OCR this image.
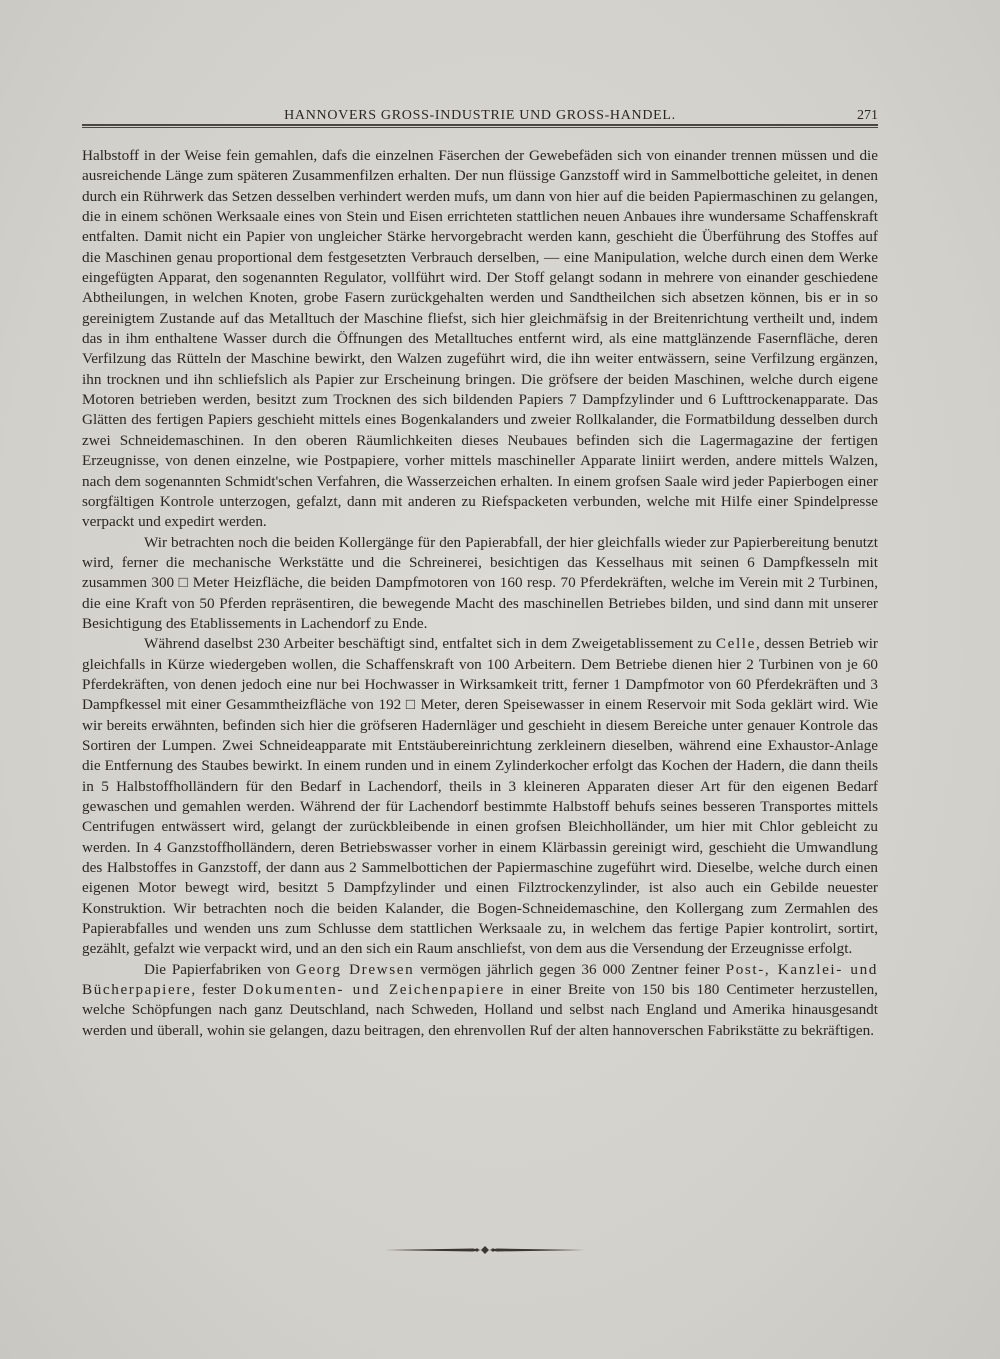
HANNOVERS GROSS-INDUSTRIE UND GROSS-HANDEL.	271

Halbstoff in der Weise fein gemahlen, dafs die einzelnen Fäserchen der Gewebefäden sich von einander trennen müssen und die ausreichende Länge zum späteren Zusammenfilzen erhalten. Der nun flüssige Ganzstoff wird in Sammelbottiche geleitet, in denen durch ein Rührwerk das Setzen desselben verhindert werden mufs, um dann von hier auf die beiden Papiermaschinen zu gelangen, die in einem schönen Werksaale eines von Stein und Eisen errichteten stattlichen neuen Anbaues ihre wundersame Schaffenskraft entfalten. Damit nicht ein Papier von ungleicher Stärke hervorgebracht werden kann, geschieht die Überführung des Stoffes auf die Maschinen genau proportional dem festgesetzten Verbrauch derselben, — eine Manipulation, welche durch einen dem Werke eingefügten Apparat, den sogenannten Regulator, vollführt wird. Der Stoff gelangt sodann in mehrere von einander geschiedene Abtheilungen, in welchen Knoten, grobe Fasern zurückgehalten werden und Sandtheilchen sich absetzen können, bis er in so gereinigtem Zustande auf das Metalltuch der Maschine fliefst, sich hier gleichmäfsig in der Breitenrichtung vertheilt und, indem das in ihm enthaltene Wasser durch die Öffnungen des Metalltuches entfernt wird, als eine mattglänzende Fasernfläche, deren Verfilzung das Rütteln der Maschine bewirkt, den Walzen zugeführt wird, die ihn weiter entwässern, seine Verfilzung ergänzen, ihn trocknen und ihn schliefslich als Papier zur Erscheinung bringen. Die gröfsere der beiden Maschinen, welche durch eigene Motoren betrieben werden, besitzt zum Trocknen des sich bildenden Papiers 7 Dampfzylinder und 6 Lufttrockenapparate. Das Glätten des fertigen Papiers geschieht mittels eines Bogenkalanders und zweier Rollkalander, die Formatbildung desselben durch zwei Schneidemaschinen. In den oberen Räumlichkeiten dieses Neubaues befinden sich die Lagermagazine der fertigen Erzeugnisse, von denen einzelne, wie Postpapiere, vorher mittels maschineller Apparate liniirt werden, andere mittels Walzen, nach dem sogenannten Schmidt'schen Verfahren, die Wasserzeichen erhalten. In einem grofsen Saale wird jeder Papierbogen einer sorgfältigen Kontrole unterzogen, gefalzt, dann mit anderen zu Riefspacketen verbunden, welche mit Hilfe einer Spindelpresse verpackt und expedirt werden.

Wir betrachten noch die beiden Kollergänge für den Papierabfall, der hier gleichfalls wieder zur Papierbereitung benutzt wird, ferner die mechanische Werkstätte und die Schreinerei, besichtigen das Kesselhaus mit seinen 6 Dampfkesseln mit zusammen 300 □ Meter Heizfläche, die beiden Dampfmotoren von 160 resp. 70 Pferdekräften, welche im Verein mit 2 Turbinen, die eine Kraft von 50 Pferden repräsentiren, die bewegende Macht des maschinellen Betriebes bilden, und sind dann mit unserer Besichtigung des Etablissements in Lachendorf zu Ende.

Während daselbst 230 Arbeiter beschäftigt sind, entfaltet sich in dem Zweigetablissement zu Celle, dessen Betrieb wir gleichfalls in Kürze wiedergeben wollen, die Schaffenskraft von 100 Arbeitern. Dem Betriebe dienen hier 2 Turbinen von je 60 Pferdekräften, von denen jedoch eine nur bei Hochwasser in Wirksamkeit tritt, ferner 1 Dampfmotor von 60 Pferdekräften und 3 Dampfkessel mit einer Gesammtheizfläche von 192 □ Meter, deren Speisewasser in einem Reservoir mit Soda geklärt wird. Wie wir bereits erwähnten, befinden sich hier die gröfseren Hadernläger und geschieht in diesem Bereiche unter genauer Kontrole das Sortiren der Lumpen. Zwei Schneideapparate mit Entstäubereinrichtung zerkleinern dieselben, während eine Exhaustor-Anlage die Entfernung des Staubes bewirkt. In einem runden und in einem Zylinderkocher erfolgt das Kochen der Hadern, die dann theils in 5 Halbstoffholländern für den Bedarf in Lachendorf, theils in 3 kleineren Apparaten dieser Art für den eigenen Bedarf gewaschen und gemahlen werden. Während der für Lachendorf bestimmte Halbstoff behufs seines besseren Transportes mittels Centrifugen entwässert wird, gelangt der zurückbleibende in einen grofsen Bleichholländer, um hier mit Chlor gebleicht zu werden. In 4 Ganzstoffholländern, deren Betriebswasser vorher in einem Klärbassin gereinigt wird, geschieht die Umwandlung des Halbstoffes in Ganzstoff, der dann aus 2 Sammelbottichen der Papiermaschine zugeführt wird. Dieselbe, welche durch einen eigenen Motor bewegt wird, besitzt 5 Dampfzylinder und einen Filztrockenzylinder, ist also auch ein Gebilde neuester Konstruktion. Wir betrachten noch die beiden Kalander, die Bogen-Schneidemaschine, den Kollergang zum Zermahlen des Papierabfalles und wenden uns zum Schlusse dem stattlichen Werksaale zu, in welchem das fertige Papier kontrolirt, sortirt, gezählt, gefalzt wie verpackt wird, und an den sich ein Raum anschliefst, von dem aus die Versendung der Erzeugnisse erfolgt.

Die Papierfabriken von Georg Drewsen vermögen jährlich gegen 36 000 Zentner feiner Post-, Kanzlei- und Bücherpapiere, fester Dokumenten- und Zeichenpapiere in einer Breite von 150 bis 180 Centimeter herzustellen, welche Schöpfungen nach ganz Deutschland, nach Schweden, Holland und selbst nach England und Amerika hinausgesandt werden und überall, wohin sie gelangen, dazu beitragen, den ehrenvollen Ruf der alten hannoverschen Fabrikstätte zu bekräftigen.
